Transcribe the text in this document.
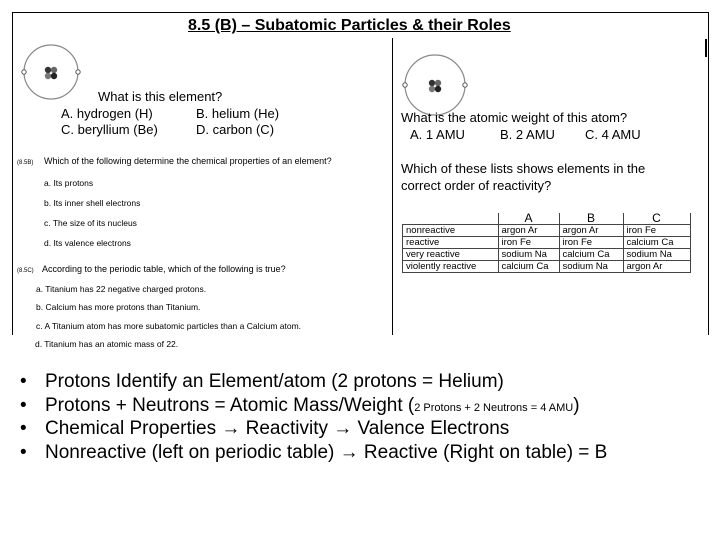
8.5 (B) – Subatomic Particles & their Roles
What is this element?
A. hydrogen (H)	B. helium (He)
C. beryllium (Be)	D. carbon (C)
(8.5B) Which of the following determine the chemical properties of an element?
a. Its protons
b. Its inner shell electrons
c. The size of its nucleus
d. Its valence electrons
(8.5C) According to the periodic table, which of the following is true?
a. Titanium has 22 negative charged protons.
b. Calcium has more protons than Titanium.
c. A Titanium atom has more subatomic particles than a Calcium atom.
What is the atomic weight of this atom?
A. 1 AMU	B. 2 AMU C. 4 AMU
Which of these lists shows elements in the
correct order of reactivity?
	A	B	C
nonreactive	argon Ar	argon Ar	iron Fe
reactive	iron Fe	iron Fe	calcium Ca
very reactive	sodium Na	calcium Ca	sodium Na
violently reactive	calcium Ca	sodium Na	argon Ar
d. Titanium has an atomic mass of 22.
• Protons Identify an Element/atom (2 protons = Helium)
• Protons + Neutrons = Atomic Mass/Weight (2 Protons + 2 Neutrons = 4 AMU)
• Chemical Properties → Reactivity → Valence Electrons
• Nonreactive (left on periodic table) → Reactive (Right on table) = B
